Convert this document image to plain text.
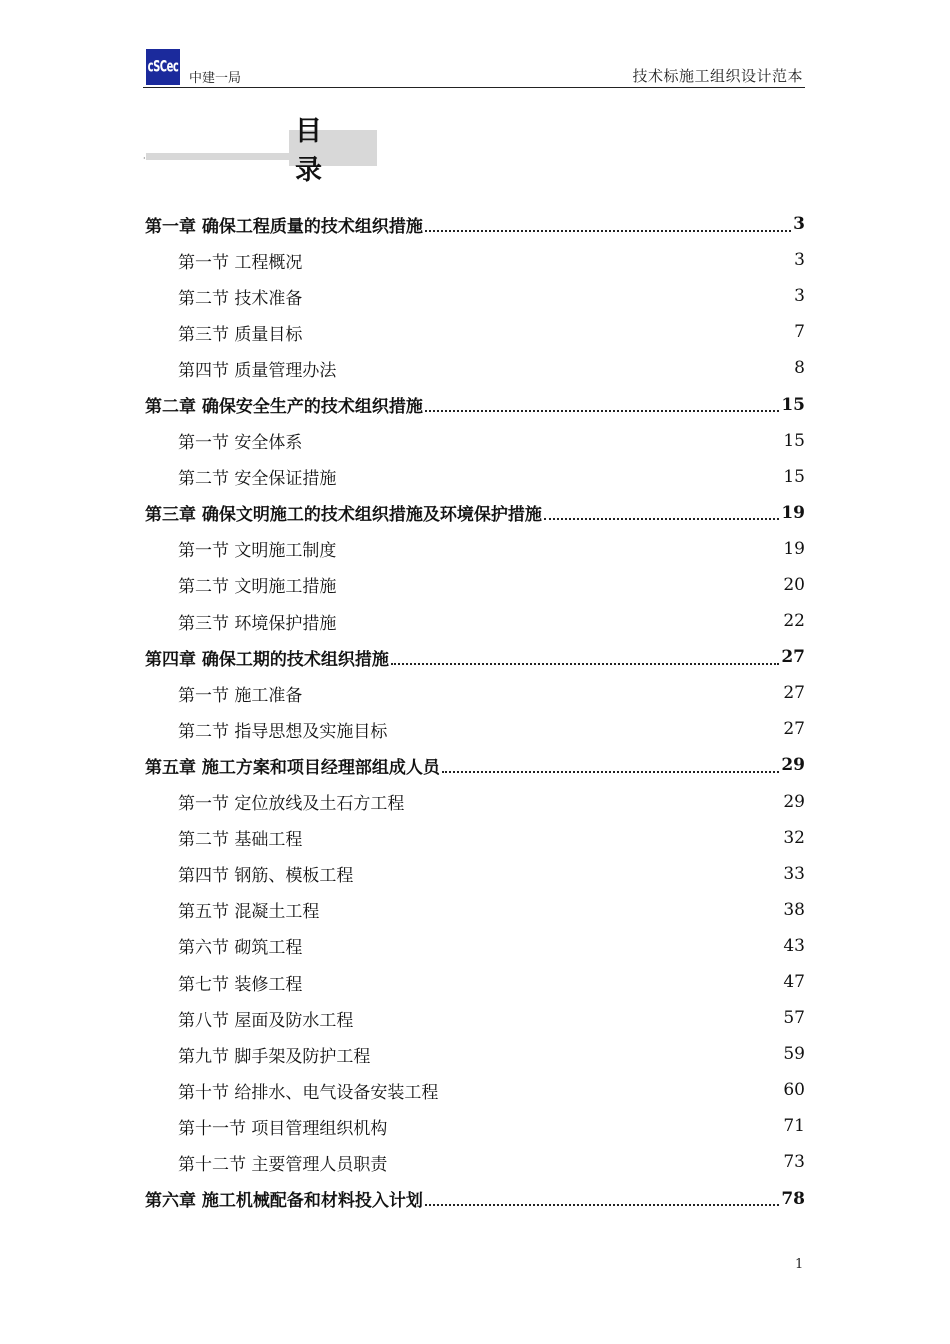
cSCec
中建一局	技术标施工组织设计范本
·
目 录
第一章 确保工程质量的技术组织措施	3
第一节 工程概况	3
第二节 技术准备	3
第三节 质量目标	7
第四节 质量管理办法	8
第二章 确保安全生产的技术组织措施	15
第一节 安全体系	15
第二节 安全保证措施	15
第三章 确保文明施工的技术组织措施及环境保护措施	19
第一节 文明施工制度	19
第二节 文明施工措施	20
第三节 环境保护措施	22
第四章 确保工期的技术组织措施	27
第一节 施工准备	27
第二节 指导思想及实施目标	27
第五章 施工方案和项目经理部组成人员	29
第一节 定位放线及土石方工程	29
第二节 基础工程	32
第四节 钢筋、模板工程	33
第五节 混凝土工程	38
第六节 砌筑工程	43
第七节 装修工程	47
第八节 屋面及防水工程	57
第九节 脚手架及防护工程	59
第十节 给排水、电气设备安装工程	60
第十一节 项目管理组织机构	71
第十二节 主要管理人员职责	73
第六章 施工机械配备和材料投入计划	78
1
